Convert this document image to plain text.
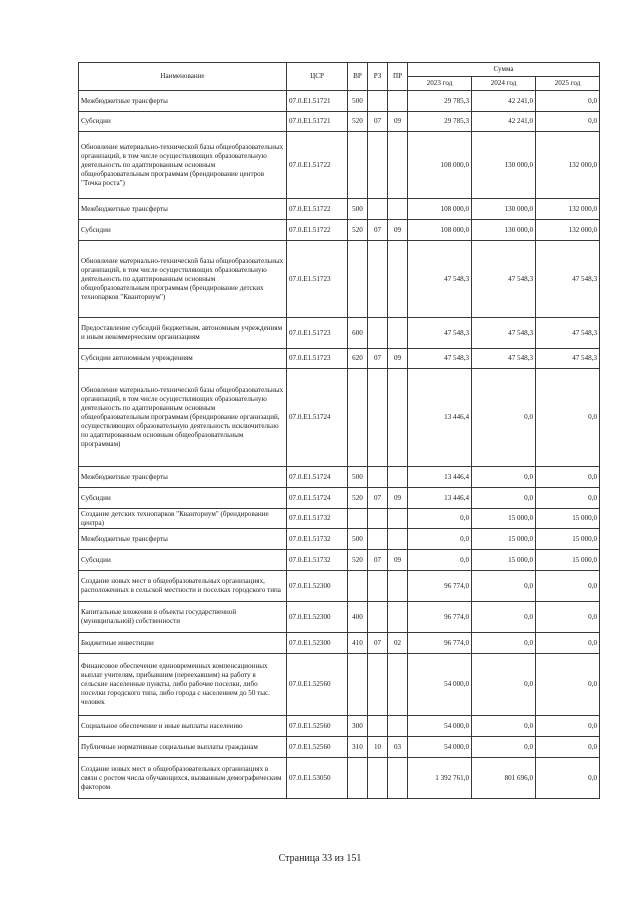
Наименование	ЦСР	ВР	РЗ	ПР	Сумма		
					2023 год	2024 год	2025 год
Межбюджетные трансферты	07.0.E1.51721	500			29 785,3	42 241,0	0,0
Субсидии	07.0.E1.51721	520	07	09	29 785,3	42 241,0	0,0
Обновление материально-технической базы общеобразовательных организаций, в том числе осуществляющих образовательную деятельность по адаптированным основным общеобразовательным программам (брендирование центров "Точка роста")	07.0.E1.51722				108 000,0	130 000,0	132 000,0
Межбюджетные трансферты	07.0.E1.51722	500			108 000,0	130 000,0	132 000,0
Субсидии	07.0.E1.51722	520	07	09	108 000,0	130 000,0	132 000,0
Обновление материально-технической базы общеобразовательных организаций, в том числе осуществляющих образовательную деятельность по адаптированным основным общеобразовательным программам (брендирование детских технопарков "Кванториум")	07.0.E1.51723				47 548,3	47 548,3	47 548,3
Предоставление субсидий бюджетным, автономным учреждениям и иным некоммерческим организациям	07.0.E1.51723	600			47 548,3	47 548,3	47 548,3
Субсидии автономным учреждениям	07.0.E1.51723	620	07	09	47 548,3	47 548,3	47 548,3
Обновление материально-технической базы общеобразовательных организаций, в том числе осуществляющих образовательную деятельность по адаптированным основным общеобразовательным программам (брендирование организаций, осуществляющих образовательную деятельность исключительно по адаптированным основным общеобразовательным программам)	07.0.E1.51724				13 446,4	0,0	0,0
Межбюджетные трансферты	07.0.E1.51724	500			13 446,4	0,0	0,0
Субсидии	07.0.E1.51724	520	07	09	13 446,4	0,0	0,0
Создание детских технопарков "Кванториум" (брендирование центра)	07.0.E1.51732				0,0	15 000,0	15 000,0
Межбюджетные трансферты	07.0.E1.51732	500			0,0	15 000,0	15 000,0
Субсидии	07.0.E1.51732	520	07	09	0,0	15 000,0	15 000,0
Создание новых мест в общеобразовательных организациях, расположенных в сельской местности и поселках городского типа	07.0.E1.52300				96 774,0	0,0	0,0
Капитальные вложения в объекты государственной (муниципальной) собственности	07.0.E1.52300	400			96 774,0	0,0	0,0
Бюджетные инвестиции	07.0.E1.52300	410	07	02	96 774,0	0,0	0,0
Финансовое обеспечение единовременных компенсационных выплат учителям, прибывшим (переехавшим) на работу в сельские населенные пункты, либо рабочие поселки, либо поселки городского типа, либо города с населением до 50 тыс. человек	07.0.E1.52560				54 000,0	0,0	0,0
Социальное обеспечение и иные выплаты населению	07.0.E1.52560	300			54 000,0	0,0	0,0
Публичные нормативные социальные выплаты гражданам	07.0.E1.52560	310	10	03	54 000,0	0,0	0,0
Создание новых мест в общеобразовательных организациях в связи с ростом числа обучающихся, вызванным демографическим фактором	07.0.E1.53050				1 392 761,0	801 696,0	0,0
Страница 33 из 151
